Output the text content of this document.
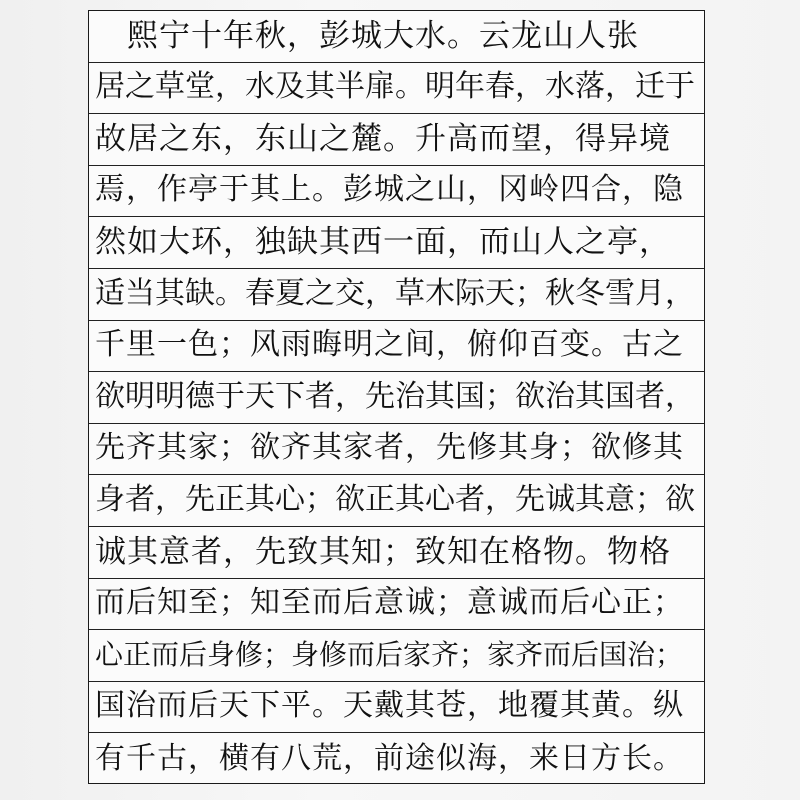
　熙宁十年秋，彭城大水。云龙山人张
居之草堂，水及其半扉。明年春，水落，迁于
故居之东，东山之麓。升高而望，得异境
焉，作亭于其上。彭城之山，冈岭四合，隐
然如大环，独缺其西一面，而山人之亭，
适当其缺。春夏之交，草木际天；秋冬雪月，
千里一色；风雨晦明之间，俯仰百变。古之
欲明明德于天下者，先治其国；欲治其国者，
先齐其家；欲齐其家者，先修其身；欲修其
身者，先正其心；欲正其心者，先诚其意；欲
诚其意者，先致其知；致知在格物。物格
而后知至；知至而后意诚；意诚而后心正；
心正而后身修；身修而后家齐；家齐而后国治；
国治而后天下平。天戴其苍，地覆其黄。纵
有千古，横有八荒，前途似海，来日方长。
